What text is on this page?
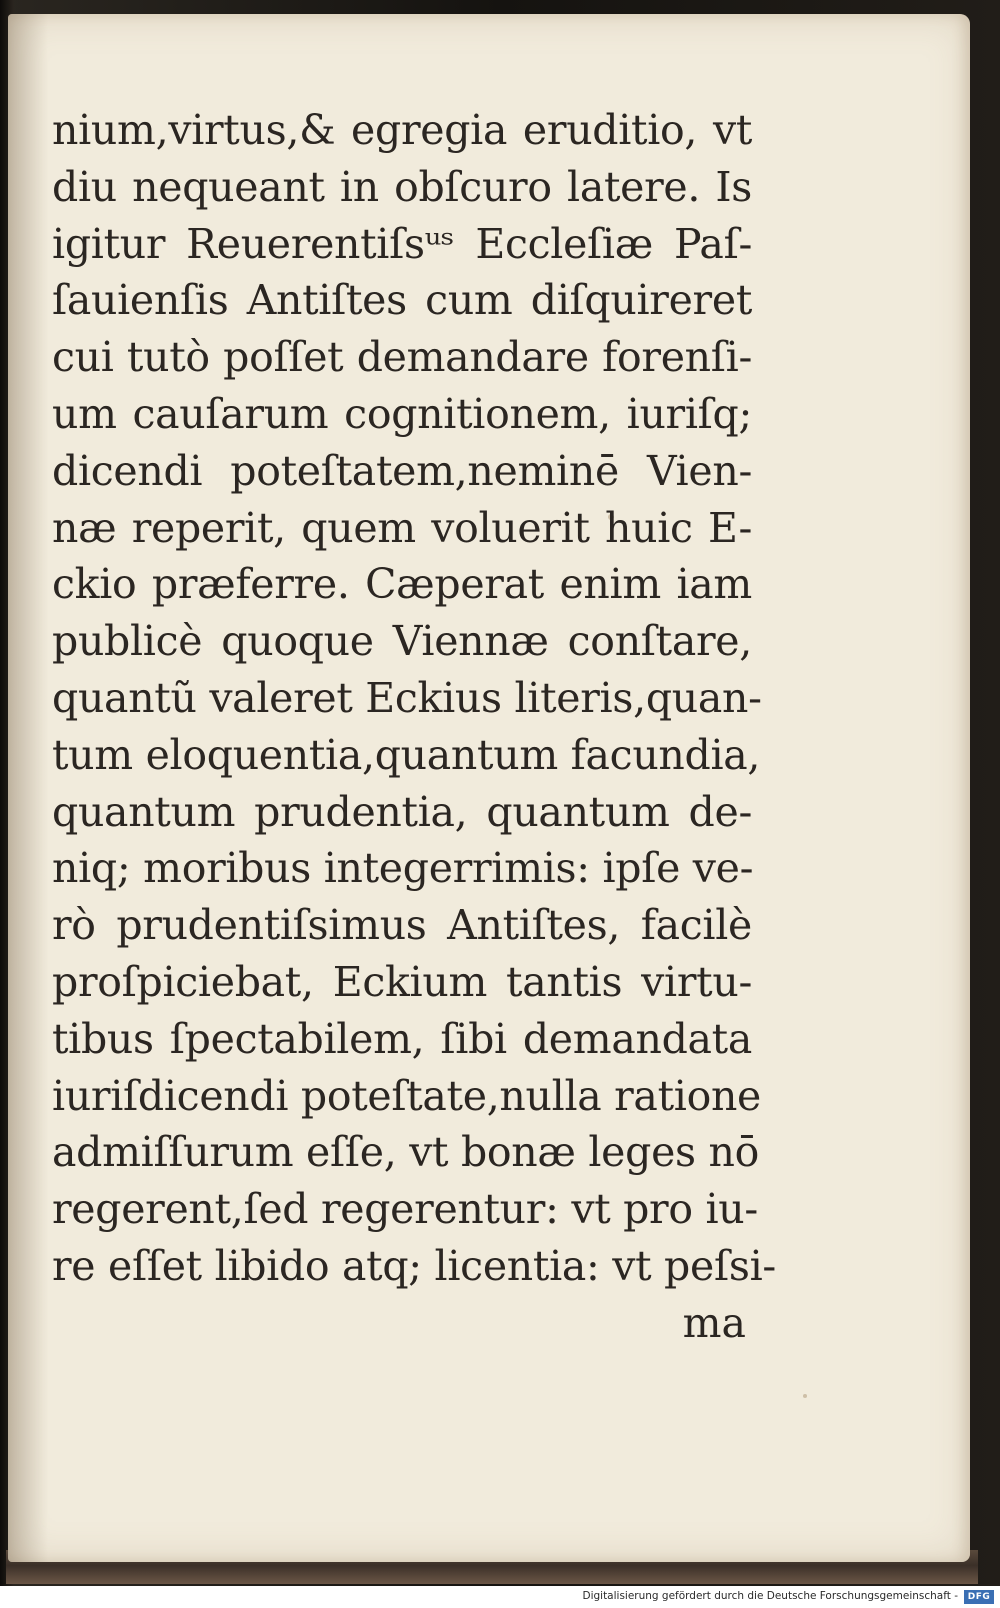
nium,virtus,& egregia eruditio, vt
diu nequeant in obſcuro latere. Is
igitur Reuerentiſsᵘˢ Eccleſiæ Paſ-
ſauienſis Antiſtes cum diſquireret
cui tutò poſſet demandare forenſi-
um cauſarum cognitionem, iuriſq;
dicendi poteſtatem,neminē Vien-
næ reperit, quem voluerit huic E-
ckio præferre. Cæperat enim iam
publicè quoque Viennæ conſtare,
quantũ valeret Eckius literis,quan-
tum eloquentia,quantum facundia,
quantum prudentia, quantum de-
niq; moribus integerrimis: ipſe ve-
rò prudentiſsimus Antiſtes, facilè
proſpiciebat, Eckium tantis virtu-
tibus ſpectabilem, ſibi demandata
iuriſdicendi poteſtate,nulla ratione
admiſſurum eſſe, vt bonæ leges nō
regerent,ſed regerentur: vt pro iu-
re eſſet libido atq; licentia: vt peſsi-
ma
Digitalisierung gefördert durch die Deutsche Forschungsgemeinschaft -	DFG
